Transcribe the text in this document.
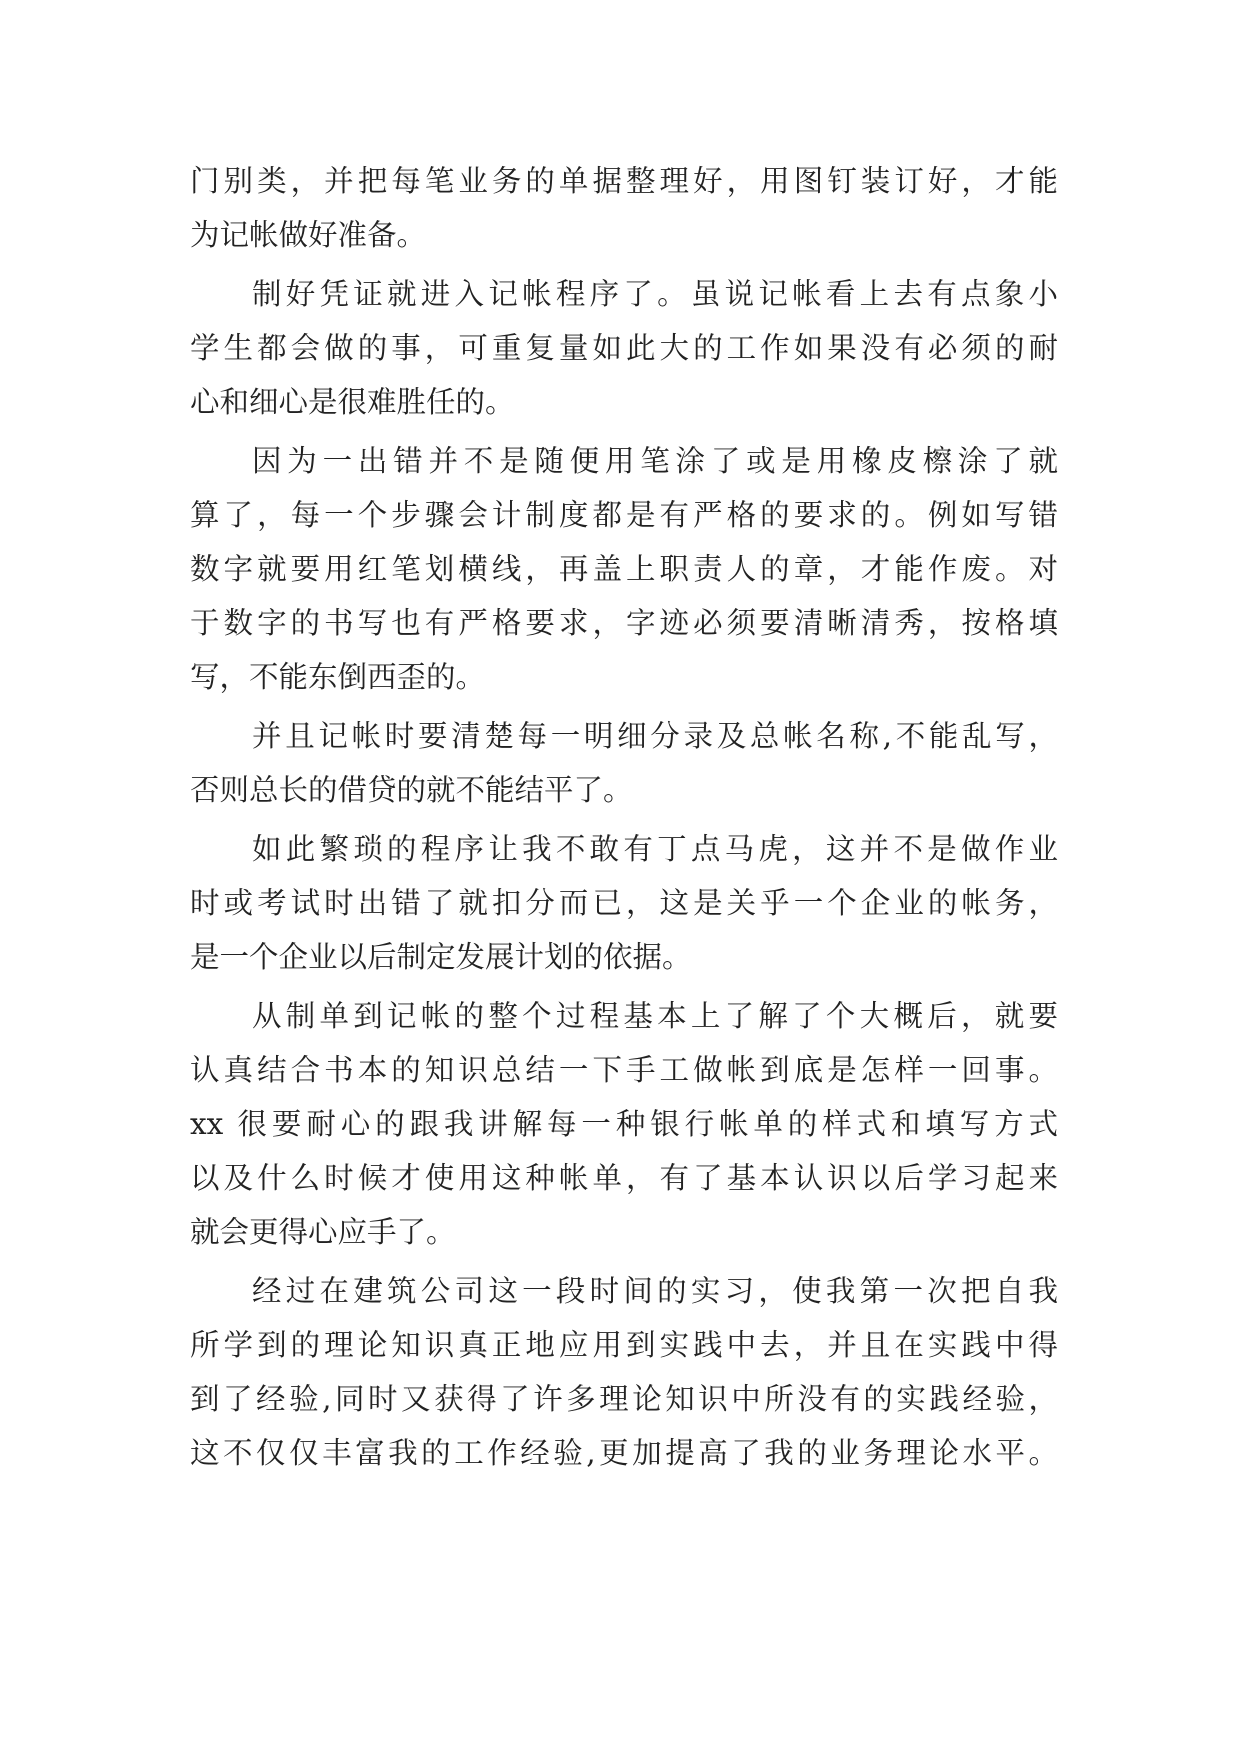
门别类，并把每笔业务的单据整理好，用图钉装订好，才能
为记帐做好准备。
制好凭证就进入记帐程序了。虽说记帐看上去有点象小
学生都会做的事，可重复量如此大的工作如果没有必须的耐
心和细心是很难胜任的。
因为一出错并不是随便用笔涂了或是用橡皮檫涂了就
算了，每一个步骤会计制度都是有严格的要求的。例如写错
数字就要用红笔划横线，再盖上职责人的章，才能作废。对
于数字的书写也有严格要求，字迹必须要清晰清秀，按格填
写，不能东倒西歪的。
并且记帐时要清楚每一明细分录及总帐名称,不能乱写，
否则总长的借贷的就不能结平了。
如此繁琐的程序让我不敢有丁点马虎，这并不是做作业
时或考试时出错了就扣分而已，这是关乎一个企业的帐务，
是一个企业以后制定发展计划的依据。
从制单到记帐的整个过程基本上了解了个大概后，就要
认真结合书本的知识总结一下手工做帐到底是怎样一回事。
xx 很要耐心的跟我讲解每一种银行帐单的样式和填写方式
以及什么时候才使用这种帐单，有了基本认识以后学习起来
就会更得心应手了。
经过在建筑公司这一段时间的实习，使我第一次把自我
所学到的理论知识真正地应用到实践中去，并且在实践中得
到了经验,同时又获得了许多理论知识中所没有的实践经验，
这不仅仅丰富我的工作经验,更加提高了我的业务理论水平。
